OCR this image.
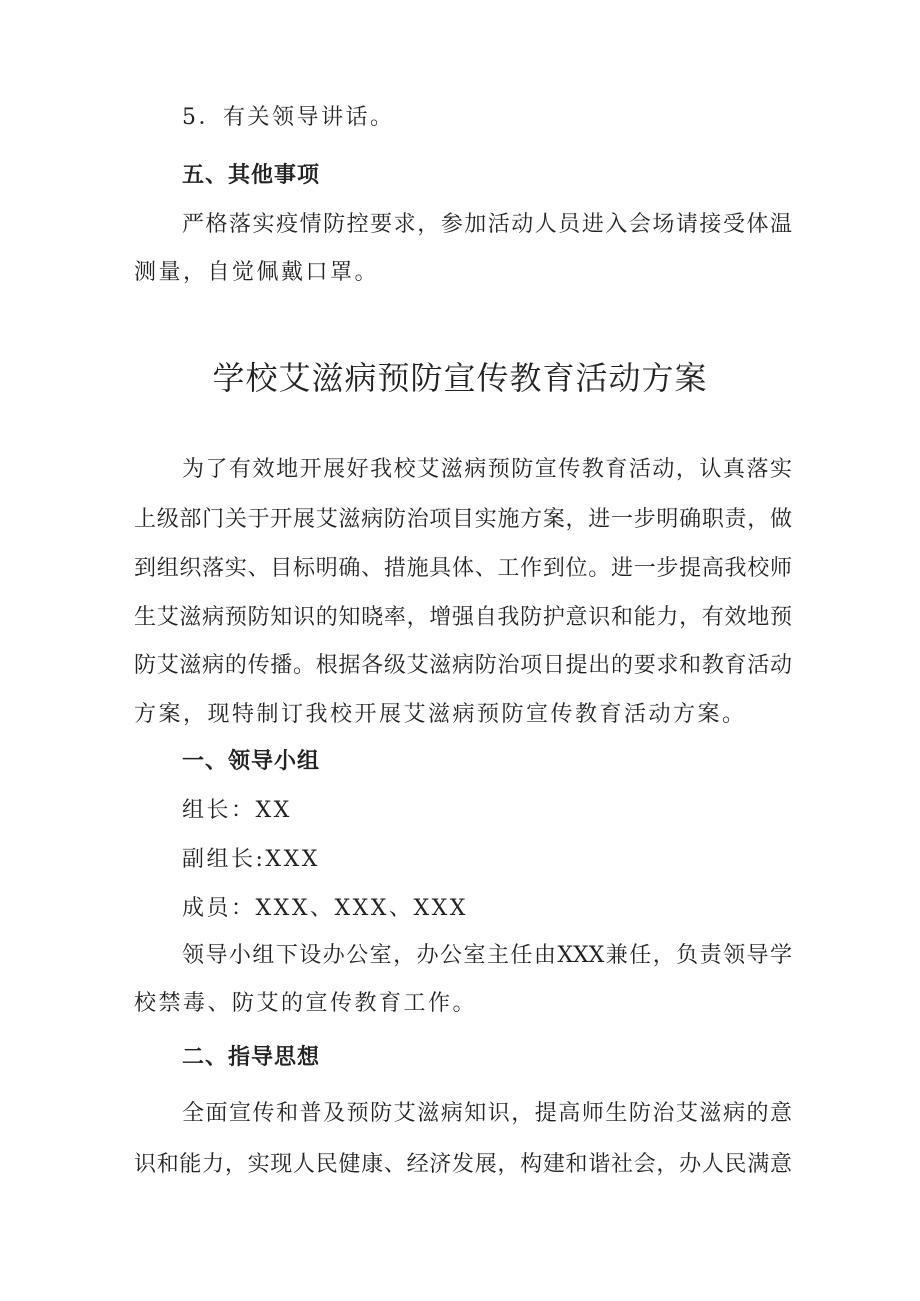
5．有关领导讲话。
五、其他事项
严格落实疫情防控要求，参加活动人员进入会场请接受体温
测量，自觉佩戴口罩。
学校艾滋病预防宣传教育活动方案
为了有效地开展好我校艾滋病预防宣传教育活动，认真落实
上级部门关于开展艾滋病防治项目实施方案，进一步明确职责，做
到组织落实、目标明确、措施具体、工作到位。进一步提高我校师
生艾滋病预防知识的知晓率，增强自我防护意识和能力，有效地预
防艾滋病的传播。根据各级艾滋病防治项日提出的要求和教育活动
方案，现特制订我校开展艾滋病预防宣传教育活动方案。
一、领导小组
组长：XX
副组长:XXX
成员：XXX、XXX、XXX
领导小组下设办公室，办公室主任由XXX兼任，负责领导学
校禁毒、防艾的宣传教育工作。
二、指导思想
全面宣传和普及预防艾滋病知识，提高师生防治艾滋病的意
识和能力，实现人民健康、经济发展，构建和谐社会，办人民满意
